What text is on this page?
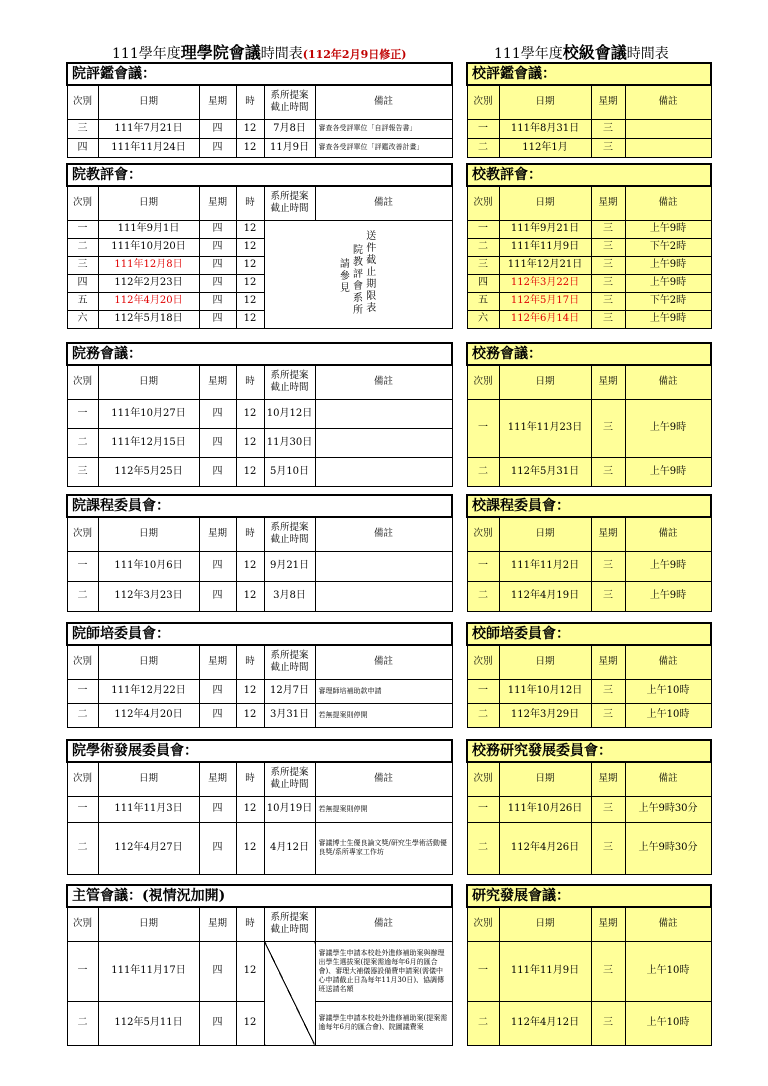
111學年度理學院會議時間表(112年2月9日修正)	111學年度校級會議時間表
院評鑑會議：					
次別	日期	星期	時	系所提案
截止時間	備註
三	111年7月21日	四	12	7月8日	審查各受評單位「自評報告書」
四	111年11月24日	四	12	11月9日	審查各受評單位「評鑑改善計畫」
院教評會：					
次別	日期	星期	時	系所提案
截止時間	備註
一	111年9月1日	四	12	請參見 院教評會系所 送件截止期限表	
二	111年10月20日	四	12		
三	111年12月8日	四	12		
四	112年2月23日	四	12		
五	112年4月20日	四	12		
六	112年5月18日	四	12		
院務會議：					
次別	日期	星期	時	系所提案
截止時間	備註
一	111年10月27日	四	12	10月12日	
二	111年12月15日	四	12	11月30日	
三	112年5月25日	四	12	5月10日	
院課程委員會：					
次別	日期	星期	時	系所提案
截止時間	備註
一	111年10月6日	四	12	9月21日	
二	112年3月23日	四	12	3月8日	
院師培委員會：					
次別	日期	星期	時	系所提案
截止時間	備註
一	111年12月22日	四	12	12月7日	審理師培補助款申請
二	112年4月20日	四	12	3月31日	若無提案則停開
院學術發展委員會：					
次別	日期	星期	時	系所提案
截止時間	備註
一	111年11月3日	四	12	10月19日	若無提案則停開
二	112年4月27日	四	12	4月12日	審議博士生優良論文獎/研究生學術活動優良獎/系所專家工作坊
主管會議：(視情況加開)					
次別	日期	星期	時	系所提案
截止時間	備註
一	111年11月17日	四	12		審議學生申請本校赴外進修補助案與辦理出學生選拔案(提案需逾每年6月的匯合會)、審理大補儀器設備費申請案(需儀中心申請截止日為每年11月30日)、協調傳班送請名額
二	112年5月11日	四	12		審議學生申請本校赴外進修補助案(提案需逾每年6月的匯合會)、院圖議費案
校評鑑會議：			
次別	日期	星期	備註
一	111年8月31日	三	
二	112年1月	三	
校教評會：			
次別	日期	星期	備註
一	111年9月21日	三	上午9時
二	111年11月9日	三	下午2時
三	111年12月21日	三	上午9時
四	112年3月22日	三	上午9時
五	112年5月17日	三	下午2時
六	112年6月14日	三	上午9時
校務會議：			
次別	日期	星期	備註
一	111年11月23日	三	上午9時
二	112年5月31日	三	上午9時
校課程委員會：			
次別	日期	星期	備註
一	111年11月2日	三	上午9時
二	112年4月19日	三	上午9時
校師培委員會：			
次別	日期	星期	備註
一	111年10月12日	三	上午10時
二	112年3月29日	三	上午10時
校務研究發展委員會：			
次別	日期	星期	備註
一	111年10月26日	三	上午9時30分
二	112年4月26日	三	上午9時30分
研究發展會議：			
次別	日期	星期	備註
一	111年11月9日	三	上午10時
二	112年4月12日	三	上午10時
